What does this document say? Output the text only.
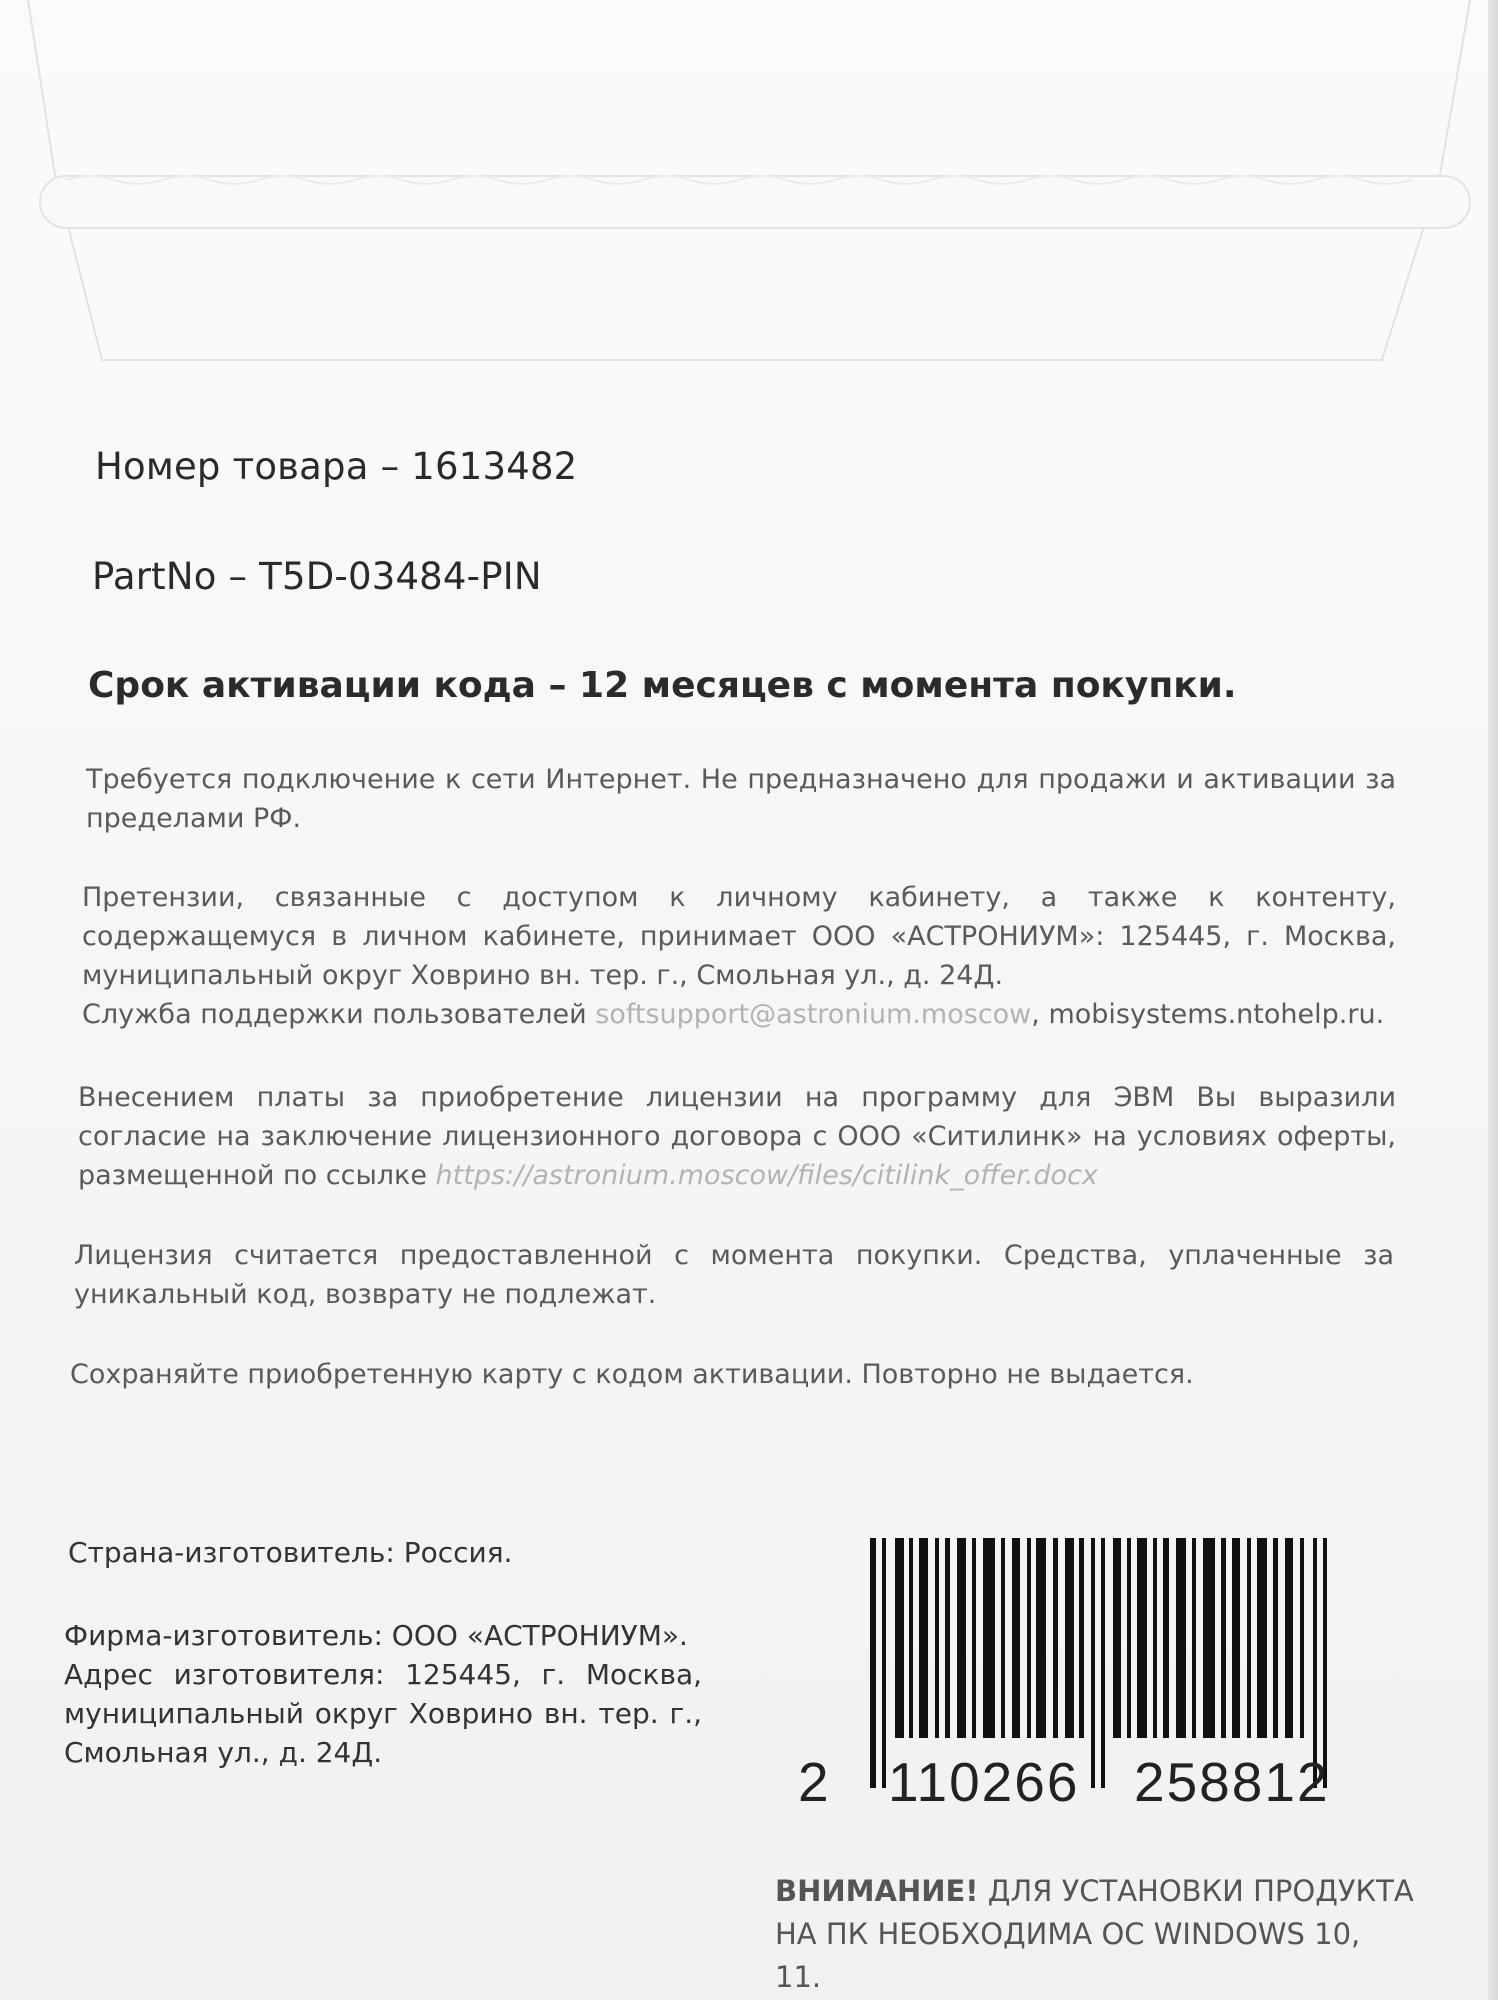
Номер товара – 1613482

PartNo – T5D-03484-PIN

Срок активации кода – 12 месяцев с момента покупки.

Требуется подключение к сети Интернет. Не предназначено для продажи и активации за пределами РФ.

Претензии, связанные с доступом к личному кабинету, а также к контенту, содержащемуся в личном кабинете, принимает ООО «АСТРОНИУМ»: 125445, г. Москва, муниципальный округ Ховрино вн. тер. г., Смольная ул., д. 24Д.
Служба поддержки пользователей softsupport@astronium.moscow, mobisystems.ntohelp.ru.
Внесением платы за приобретение лицензии на программу для ЭВМ Вы выразили согласие на заключение лицензионного договора с ООО «Ситилинк» на условиях оферты, размещенной по ссылке https://astronium.moscow/files/citilink_offer.docx

Лицензия считается предоставленной с момента покупки. Средства, уплаченные за уникальный код, возврату не подлежат.

Сохраняйте приобретенную карту с кодом активации. Повторно не выдается.

Страна-изготовитель: Россия.

Фирма-изготовитель: ООО «АСТРОНИУМ».
Адрес изготовителя: 125445, г. Москва, муниципальный округ Ховрино вн. тер. г., Смольная ул., д. 24Д.	2 110266 258812
ВНИМАНИЕ! ДЛЯ УСТАНОВКИ ПРОДУКТА
НА ПК НЕОБХОДИМА ОС WINDOWS 10, 11.
